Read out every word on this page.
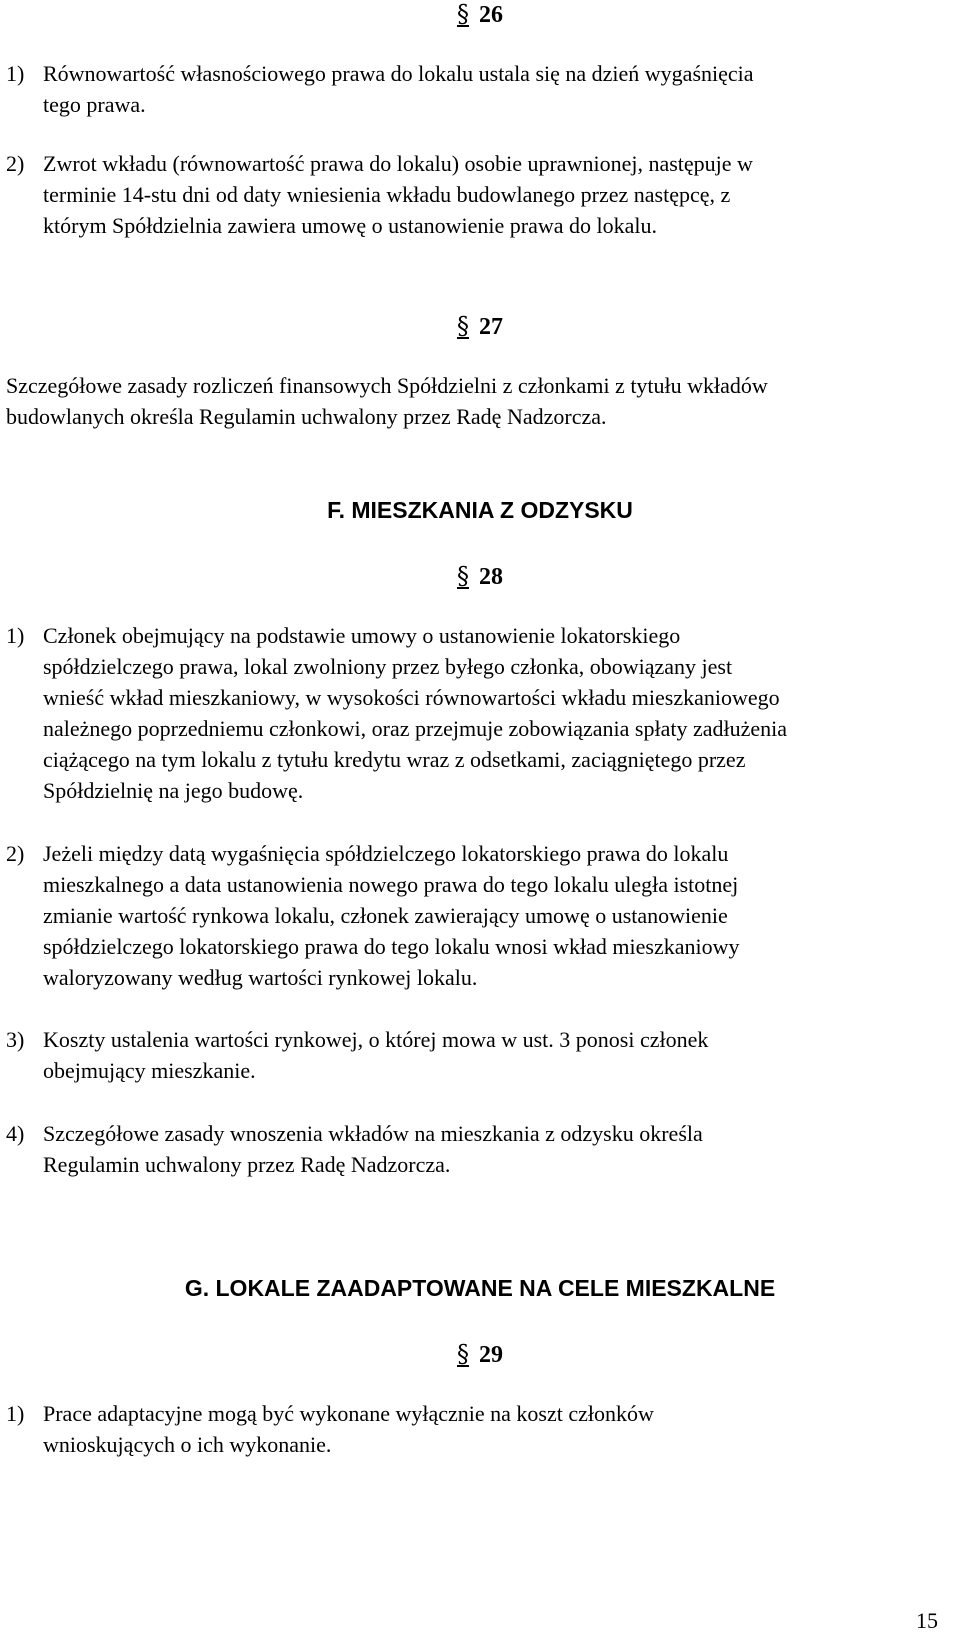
§ 26
1) Równowartość własnościowego prawa do lokalu ustala się na dzień wygaśnięcia
tego prawa.
2) Zwrot wkładu (równowartość prawa do lokalu) osobie uprawnionej, następuje w
terminie 14-stu dni od daty wniesienia wkładu budowlanego przez następcę, z
którym Spółdzielnia zawiera umowę o ustanowienie prawa do lokalu.
§ 27
Szczegółowe zasady rozliczeń finansowych Spółdzielni z członkami z tytułu wkładów
budowlanych określa Regulamin uchwalony przez Radę Nadzorcza.
F. MIESZKANIA Z ODZYSKU
§ 28
1) Członek obejmujący na podstawie umowy o ustanowienie lokatorskiego
spółdzielczego prawa, lokal zwolniony przez byłego członka, obowiązany jest
wnieść wkład mieszkaniowy, w wysokości równowartości wkładu mieszkaniowego
należnego poprzedniemu członkowi, oraz przejmuje zobowiązania spłaty zadłużenia
ciążącego na tym lokalu z tytułu kredytu wraz z odsetkami, zaciągniętego przez
Spółdzielnię na jego budowę.
2) Jeżeli między datą wygaśnięcia spółdzielczego lokatorskiego prawa do lokalu
mieszkalnego a data ustanowienia nowego prawa do tego lokalu uległa istotnej
zmianie wartość rynkowa lokalu, członek zawierający umowę o ustanowienie
spółdzielczego lokatorskiego prawa do tego lokalu wnosi wkład mieszkaniowy
waloryzowany według wartości rynkowej lokalu.
3) Koszty ustalenia wartości rynkowej, o której mowa w ust. 3 ponosi członek
obejmujący mieszkanie.
4) Szczegółowe zasady wnoszenia wkładów na mieszkania z odzysku określa
Regulamin uchwalony przez Radę Nadzorcza.
G. LOKALE ZAADAPTOWANE NA CELE MIESZKALNE
§ 29
1) Prace adaptacyjne mogą być wykonane wyłącznie na koszt członków
wnioskujących o ich wykonanie.
15
